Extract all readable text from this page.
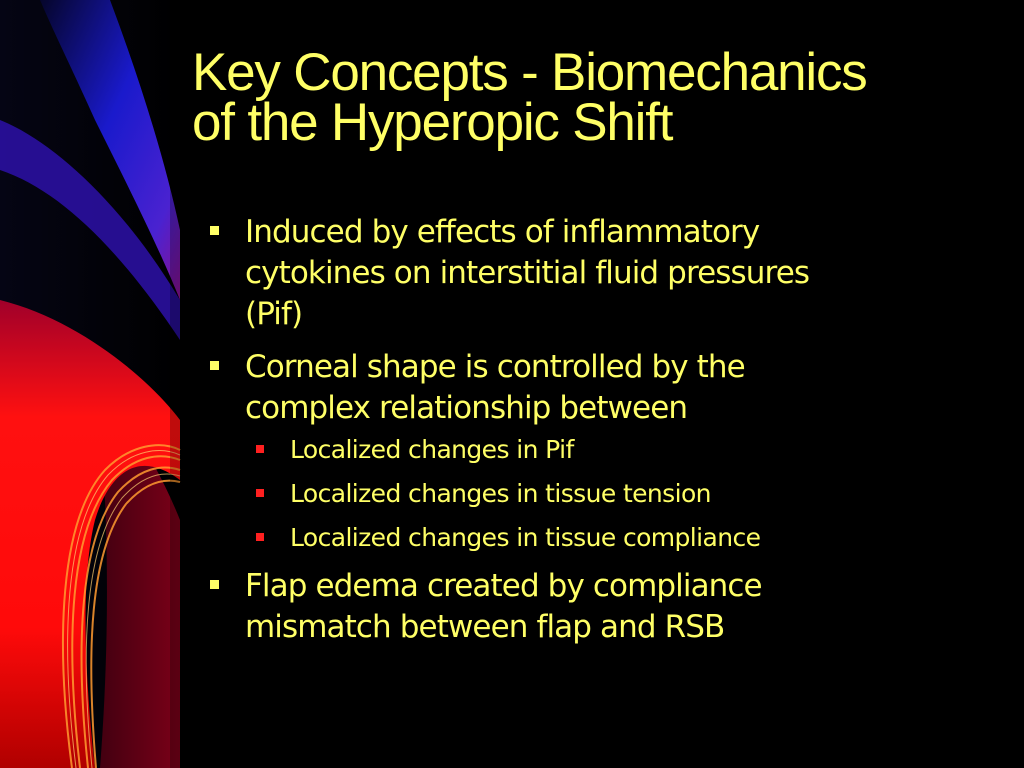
Key Concepts - Biomechanics
of the Hyperopic Shift
Induced by effects of inflammatory
cytokines on interstitial fluid pressures
(Pif)
Corneal shape is controlled by the
complex relationship between
Localized changes in Pif
Localized changes in tissue tension
Localized changes in tissue compliance
Flap edema created by compliance
mismatch between flap and RSB
